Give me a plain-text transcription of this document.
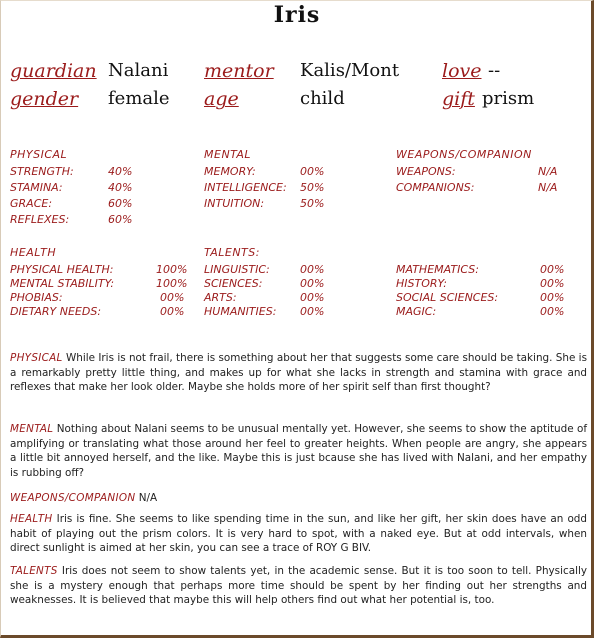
Iris
guardian Nalani mentor Kalis/Mont love --
gender female age	child	gift prism
PHYSICAL
STRENGTH:	40%
STAMINA:	40%
GRACE:	60%
REFLEXES:	60%
MENTAL
MEMORY:	00%
INTELLIGENCE: 50%
INTUITION:	50%
WEAPONS/COMPANION
WEAPONS:	N/A
COMPANIONS:	N/A
HEALTH
PHYSICAL HEALTH:	100%
MENTAL STABILITY:	100%
PHOBIAS:	00%
DIETARY NEEDS:	00%
TALENTS:
LINGUISTIC:	00%
SCIENCES:	00%
ARTS:	00%
HUMANITIES: 00%
MATHEMATICS:	00%
HISTORY:	00%
SOCIAL SCIENCES:	00%
MAGIC:	00%
PHYSICAL While Iris is not frail, there is something about her that suggests some care should be taking. She is a remarkably pretty little thing, and makes up for what she lacks in strength and stamina with grace and reflexes that make her look older. Maybe she holds more of her spirit self than first thought?
MENTAL Nothing about Nalani seems to be unusual mentally yet. However, she seems to show the aptitude of amplifying or translating what those around her feel to greater heights. When people are angry, she appears a little bit annoyed herself, and the like. Maybe this is just bcause she has lived with Nalani, and her empathy is rubbing off?
WEAPONS/COMPANION N/A
HEALTH Iris is fine. She seems to like spending time in the sun, and like her gift, her skin does have an odd habit of playing out the prism colors. It is very hard to spot, with a naked eye. But at odd intervals, when direct sunlight is aimed at her skin, you can see a trace of ROY G BIV.
TALENTS Iris does not seem to show talents yet, in the academic sense. But it is too soon to tell. Physically she is a mystery enough that perhaps more time should be spent by her finding out her strengths and weaknesses. It is believed that maybe this will help others find out what her potential is, too.
